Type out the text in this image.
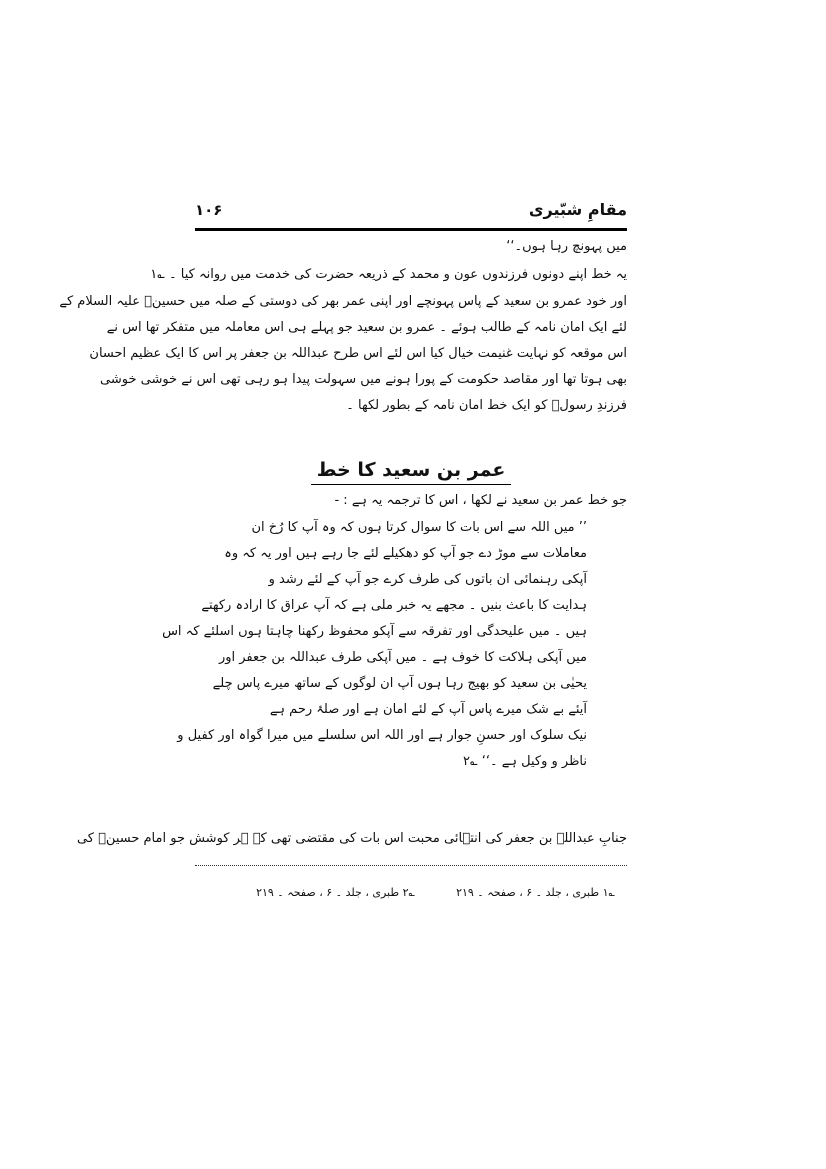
مقامِ شبّیری
۱۰۶
میں پہونچ رہا ہوں۔‘‘
یہ خط اپنے دونوں فرزندوں عون و محمد کے ذریعہ حضرت کی خدمت میں روانہ کیا ۔ ؎۱
اور خود عمرو بن سعید کے پاس پہونچے اور اپنی عمر بھر کی دوستی کے صلہ میں حسینؑ علیہ السلام کے
لئے ایک امان نامہ کے طالب ہوئے ۔ عمرو بن سعید جو پہلے ہی اس معاملہ میں متفکر تھا اس نے
اس موقعہ کو نہایت غنیمت خیال کیا اس لئے اس طرح عبداللہ بن جعفر پر اس کا ایک عظیم احسان
بھی ہوتا تھا اور مقاصد حکومت کے پورا ہونے میں سہولت پیدا ہو رہی تھی اس نے خوشی خوشی
فرزندِ رسولؐ کو ایک خط امان نامہ کے بطور لکھا ۔
عمر بن سعید کا خط
جو خط عمر بن سعید نے لکھا ، اس کا ترجمہ یہ ہے : -
’’ میں اللہ سے اس بات کا سوال کرتا ہوں کہ وہ آپ کا رُخ ان
معاملات سے موڑ دے جو آپ کو دھکیلے لئے جا رہے ہیں اور یہ کہ وہ
آپکی رہنمائی ان باتوں کی طرف کرے جو آپ کے لئے رشد و
ہدایت کا باعث بنیں ۔ مجھے یہ خبر ملی ہے کہ آپ عراق کا ارادہ رکھتے
ہیں ۔ میں علیحدگی اور تفرقہ سے آپکو محفوظ رکھنا چاہتا ہوں اسلئے کہ اس
میں آپکی ہلاکت کا خوف ہے ۔ میں آپکی طرف عبداللہ بن جعفر اور
یحیٰی بن سعید کو بھیج رہا ہوں آپ ان لوگوں کے ساتھ میرے پاس چلے
آیئے بے شک میرے پاس آپ کے لئے امان ہے اور صلۂ رحم ہے
نیک سلوک اور حسنِ جوار ہے اور اللہ اس سلسلے میں میرا گواہ اور کفیل و
ناظر و وکیل ہے ۔‘‘ ؎۲
جنابِ عبداللہ بن جعفر کی انتہائی محبت اس بات کی مقتضی تھی کہ ہر کوشش جو امام حسینؑ کی
؎۱ طبری ، جلد ۔ ۶ ، صفحہ ۔ ۲۱۹
؎۲ طبری ، جلد ۔ ۶ ، صفحہ ۔ ۲۱۹
